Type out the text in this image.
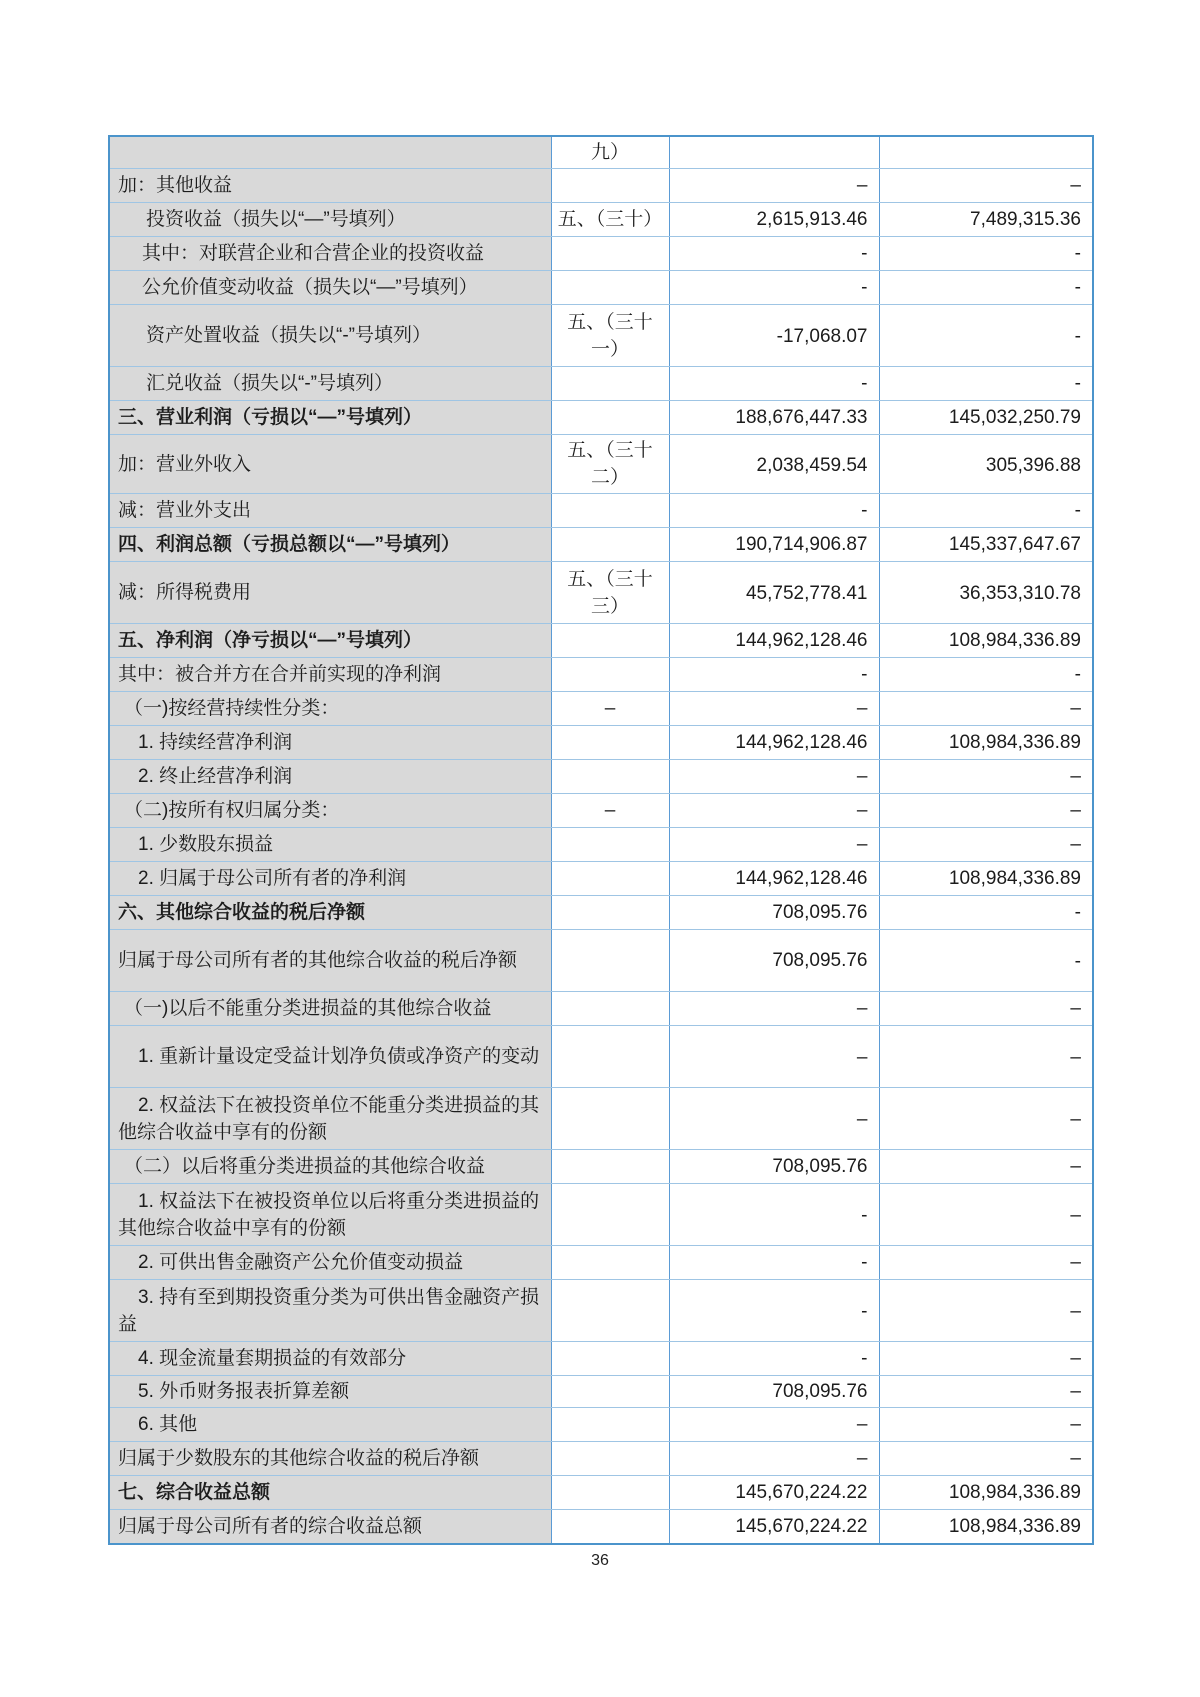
	九）		
加：其他收益		–	–
投资收益（损失以“—”号填列）	五、（三十）	2,615,913.46	7,489,315.36
其中：对联营企业和合营企业的投资收益		-	-
公允价值变动收益（损失以“—”号填列）		-	-
资产处置收益（损失以“-”号填列）	五、（三十一）	-17,068.07	-
汇兑收益（损失以“-”号填列）		-	-
三、营业利润（亏损以“—”号填列）		188,676,447.33	145,032,250.79
加：营业外收入	五、（三十二）	2,038,459.54	305,396.88
减：营业外支出		-	-
四、利润总额（亏损总额以“—”号填列）		190,714,906.87	145,337,647.67
减：所得税费用	五、（三十三）	45,752,778.41	36,353,310.78
五、净利润（净亏损以“—”号填列）		144,962,128.46	108,984,336.89
其中：被合并方在合并前实现的净利润		-	-
（一)按经营持续性分类：	–	–	–
1. 持续经营净利润		144,962,128.46	108,984,336.89
2. 终止经营净利润		–	–
（二)按所有权归属分类：	–	–	–
1. 少数股东损益		–	–
2. 归属于母公司所有者的净利润		144,962,128.46	108,984,336.89
六、其他综合收益的税后净额		708,095.76	-
归属于母公司所有者的其他综合收益的税后净额		708,095.76	-
（一)以后不能重分类进损益的其他综合收益		–	–
1. 重新计量设定受益计划净负债或净资产的变动		–	–
2. 权益法下在被投资单位不能重分类进损益的其他综合收益中享有的份额		–	–
（二）以后将重分类进损益的其他综合收益		708,095.76	–
1. 权益法下在被投资单位以后将重分类进损益的其他综合收益中享有的份额		-	–
2. 可供出售金融资产公允价值变动损益		-	–
3. 持有至到期投资重分类为可供出售金融资产损益		-	–
4. 现金流量套期损益的有效部分		-	–
5. 外币财务报表折算差额		708,095.76	–
6. 其他		–	–
归属于少数股东的其他综合收益的税后净额		–	–
七、综合收益总额		145,670,224.22	108,984,336.89
归属于母公司所有者的综合收益总额		145,670,224.22	108,984,336.89
36
